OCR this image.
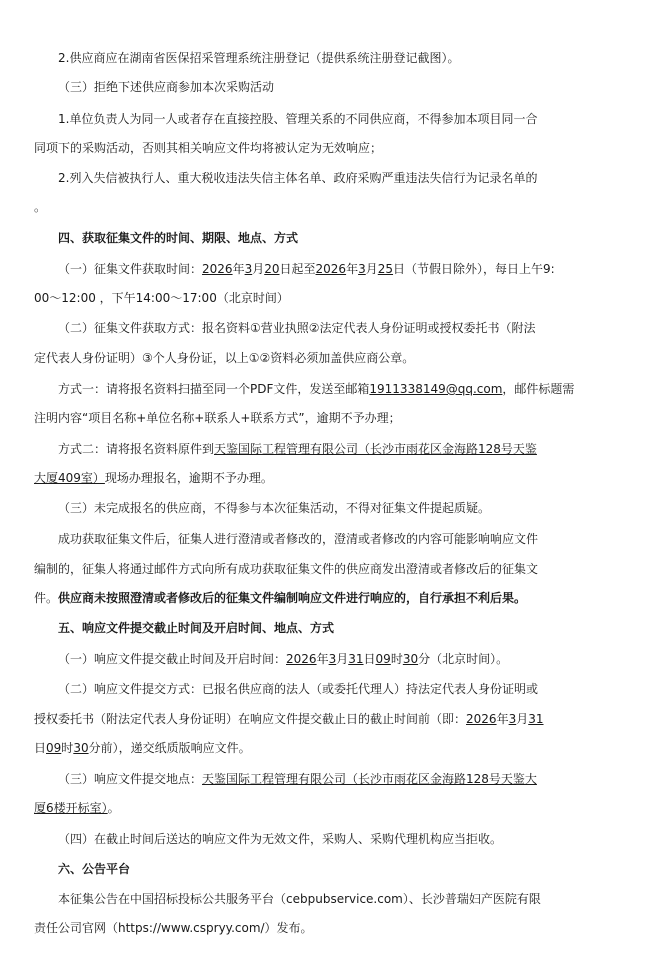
2.供应商应在湖南省医保招采管理系统注册登记（提供系统注册登记截图）。
（三）拒绝下述供应商参加本次采购活动
1.单位负责人为同一人或者存在直接控股、管理关系的不同供应商，不得参加本项目同一合
同项下的采购活动，否则其相关响应文件均将被认定为无效响应；
2.列入失信被执行人、重大税收违法失信主体名单、政府采购严重违法失信行为记录名单的
。
四、获取征集文件的时间、期限、地点、方式
（一）征集文件获取时间：2026年3月20日起至2026年3月25日（节假日除外），每日上午9:
00～12:00 ，下午14:00～17:00（北京时间）
（二）征集文件获取方式：报名资料①营业执照②法定代表人身份证明或授权委托书（附法
定代表人身份证明）③个人身份证，以上①②资料必须加盖供应商公章。
方式一：请将报名资料扫描至同一个PDF文件，发送至邮箱1911338149@qq.com，邮件标题需
注明内容“项目名称+单位名称+联系人+联系方式”，逾期不予办理；
方式二：请将报名资料原件到天鉴国际工程管理有限公司（长沙市雨花区金海路128号天鉴
大厦409室）现场办理报名，逾期不予办理。
（三）未完成报名的供应商，不得参与本次征集活动，不得对征集文件提起质疑。
成功获取征集文件后，征集人进行澄清或者修改的，澄清或者修改的内容可能影响响应文件
编制的，征集人将通过邮件方式向所有成功获取征集文件的供应商发出澄清或者修改后的征集文
件。供应商未按照澄清或者修改后的征集文件编制响应文件进行响应的，自行承担不利后果。
五、响应文件提交截止时间及开启时间、地点、方式
（一）响应文件提交截止时间及开启时间：2026年3月31日09时30分（北京时间）。
（二）响应文件提交方式：已报名供应商的法人（或委托代理人）持法定代表人身份证明或
授权委托书（附法定代表人身份证明）在响应文件提交截止日的截止时间前（即：2026年3月31
日09时30分前），递交纸质版响应文件。
（三）响应文件提交地点：天鉴国际工程管理有限公司（长沙市雨花区金海路128号天鉴大
厦6楼开标室）。
（四）在截止时间后送达的响应文件为无效文件，采购人、采购代理机构应当拒收。
六、公告平台
本征集公告在中国招标投标公共服务平台（cebpubservice.com）、长沙普瑞妇产医院有限
责任公司官网（https://www.cspryy.com/）发布。
